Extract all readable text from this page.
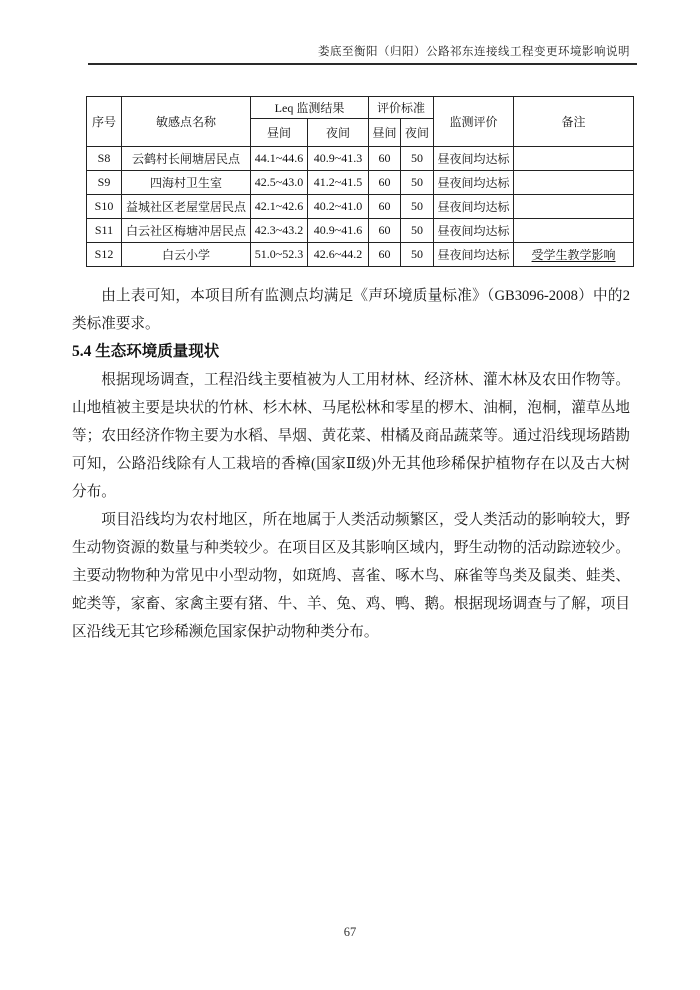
娄底至衡阳（归阳）公路祁东连接线工程变更环境影响说明
序号	敏感点名称	Leq 监测结果		评价标准		监测评价	备注
		昼间	夜间	昼间	夜间		
S8	云鹤村长闸塘居民点	44.1~44.6	40.9~41.3	60	50	昼夜间均达标	
S9	四海村卫生室	42.5~43.0	41.2~41.5	60	50	昼夜间均达标	
S10	益城社区老屋堂居民点	42.1~42.6	40.2~41.0	60	50	昼夜间均达标	
S11	白云社区梅塘冲居民点	42.3~43.2	40.9~41.6	60	50	昼夜间均达标	
S12	白云小学	51.0~52.3	42.6~44.2	60	50	昼夜间均达标	受学生教学影响

由上表可知，本项目所有监测点均满足《声环境质量标准》（GB3096-2008）中的2 类标准要求。

5.4 生态环境质量现状

根据现场调查，工程沿线主要植被为人工用材林、经济林、灌木林及农田作物等。山地植被主要是块状的竹林、杉木林、马尾松林和零星的椤木、油桐，泡桐，灌草丛地等；农田经济作物主要为水稻、旱烟、黄花菜、柑橘及商品蔬菜等。通过沿线现场踏勘可知，公路沿线除有人工栽培的香樟(国家Ⅱ级)外无其他珍稀保护植物存在以及古大树分布。

项目沿线均为农村地区，所在地属于人类活动频繁区，受人类活动的影响较大，野生动物资源的数量与种类较少。在项目区及其影响区域内，野生动物的活动踪迹较少。主要动物物种为常见中小型动物，如斑鸠、喜雀、啄木鸟、麻雀等鸟类及鼠类、蛙类、蛇类等，家畜、家禽主要有猪、牛、羊、兔、鸡、鸭、鹅。根据现场调查与了解，项目区沿线无其它珍稀濒危国家保护动物种类分布。

67
